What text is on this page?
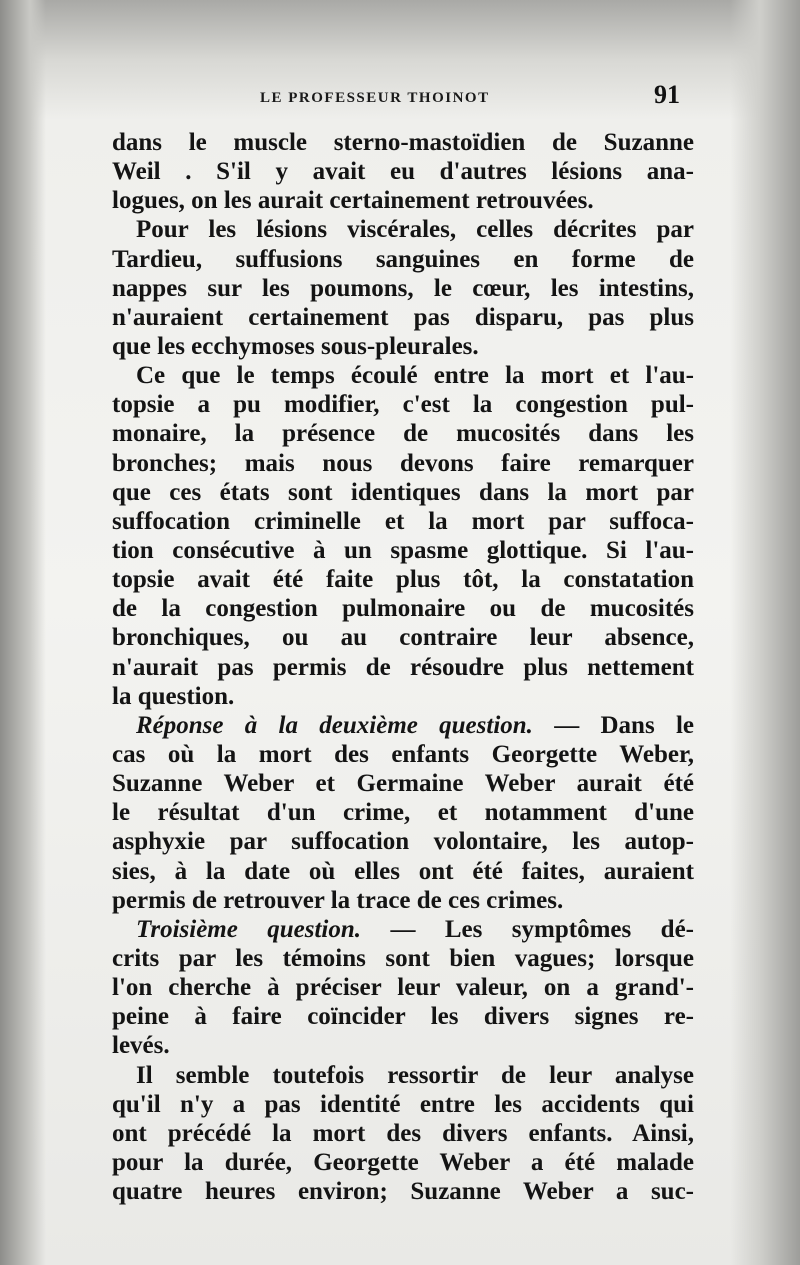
LE PROFESSEUR THOINOT	91
dans le muscle sterno-mastoïdien de Suzanne
Weil . S'il y avait eu d'autres lésions ana-
logues, on les aurait certainement retrouvées.
Pour les lésions viscérales, celles décrites par
Tardieu, suffusions sanguines en forme de
nappes sur les poumons, le cœur, les intestins,
n'auraient certainement pas disparu, pas plus
que les ecchymoses sous-pleurales.
Ce que le temps écoulé entre la mort et l'au-
topsie a pu modifier, c'est la congestion pul-
monaire, la présence de mucosités dans les
bronches; mais nous devons faire remarquer
que ces états sont identiques dans la mort par
suffocation criminelle et la mort par suffoca-
tion consécutive à un spasme glottique. Si l'au-
topsie avait été faite plus tôt, la constatation
de la congestion pulmonaire ou de mucosités
bronchiques, ou au contraire leur absence,
n'aurait pas permis de résoudre plus nettement
la question.
Réponse à la deuxième question. — Dans le
cas où la mort des enfants Georgette Weber,
Suzanne Weber et Germaine Weber aurait été
le résultat d'un crime, et notamment d'une
asphyxie par suffocation volontaire, les autop-
sies, à la date où elles ont été faites, auraient
permis de retrouver la trace de ces crimes.
Troisième question. — Les symptômes dé-
crits par les témoins sont bien vagues; lorsque
l'on cherche à préciser leur valeur, on a grand'-
peine à faire coïncider les divers signes re-
levés.
Il semble toutefois ressortir de leur analyse
qu'il n'y a pas identité entre les accidents qui
ont précédé la mort des divers enfants. Ainsi,
pour la durée, Georgette Weber a été malade
quatre heures environ; Suzanne Weber a suc-
